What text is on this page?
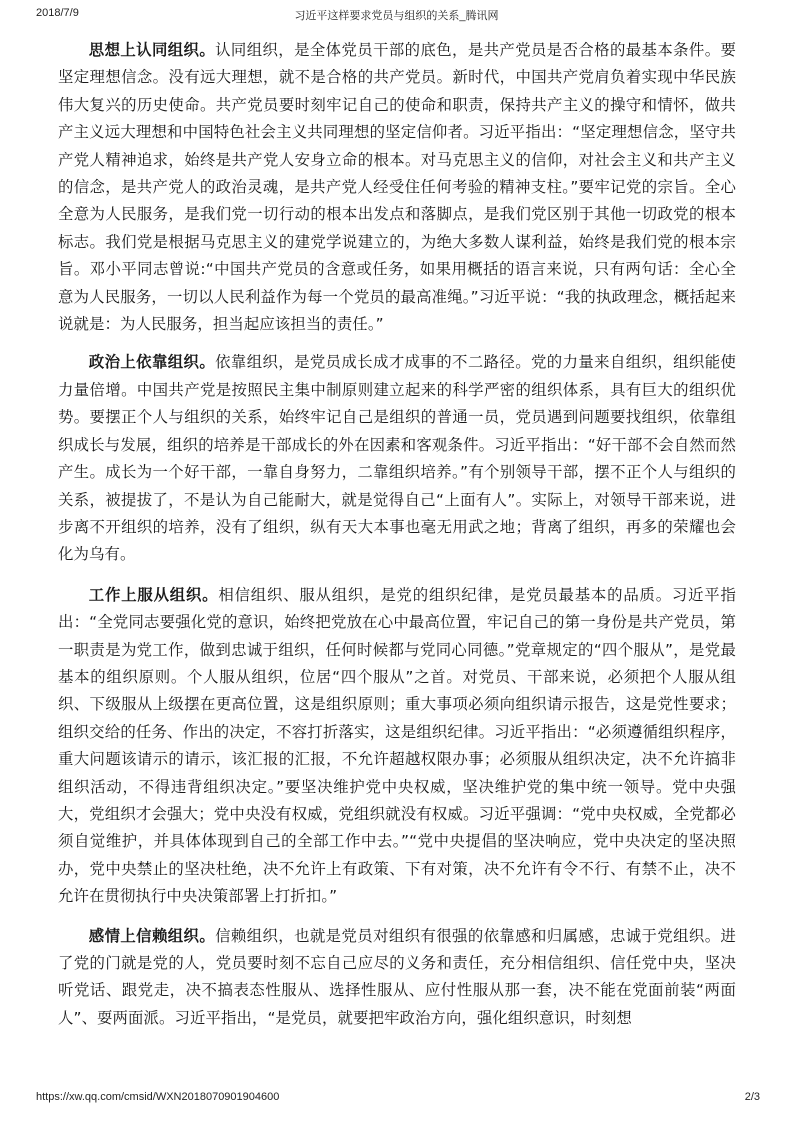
2018/7/9	习近平这样要求党员与组织的关系_腾讯网

思想上认同组织。认同组织，是全体党员干部的底色，是共产党员是否合格的最基本条件。要坚定理想信念。没有远大理想，就不是合格的共产党员。新时代，中国共产党肩负着实现中华民族伟大复兴的历史使命。共产党员要时刻牢记自己的使命和职责，保持共产主义的操守和情怀，做共产主义远大理想和中国特色社会主义共同理想的坚定信仰者。习近平指出：“坚定理想信念，坚守共产党人精神追求，始终是共产党人安身立命的根本。对马克思主义的信仰，对社会主义和共产主义的信念，是共产党人的政治灵魂，是共产党人经受住任何考验的精神支柱。”要牢记党的宗旨。全心全意为人民服务，是我们党一切行动的根本出发点和落脚点，是我们党区别于其他一切政党的根本标志。我们党是根据马克思主义的建党学说建立的，为绝大多数人谋利益，始终是我们党的根本宗旨。邓小平同志曾说:“中国共产党员的含意或任务，如果用概括的语言来说，只有两句话：全心全意为人民服务，一切以人民利益作为每一个党员的最高准绳。”习近平说：“我的执政理念，概括起来说就是：为人民服务，担当起应该担当的责任。”

政治上依靠组织。依靠组织，是党员成长成才成事的不二路径。党的力量来自组织，组织能使力量倍增。中国共产党是按照民主集中制原则建立起来的科学严密的组织体系，具有巨大的组织优势。要摆正个人与组织的关系，始终牢记自己是组织的普通一员，党员遇到问题要找组织，依靠组织成长与发展，组织的培养是干部成长的外在因素和客观条件。习近平指出：“好干部不会自然而然产生。成长为一个好干部，一靠自身努力，二靠组织培养。”有个别领导干部，摆不正个人与组织的关系，被提拔了，不是认为自己能耐大，就是觉得自己“上面有人”。实际上，对领导干部来说，进步离不开组织的培养，没有了组织，纵有天大本事也毫无用武之地；背离了组织，再多的荣耀也会化为乌有。

工作上服从组织。相信组织、服从组织，是党的组织纪律，是党员最基本的品质。习近平指出：“全党同志要强化党的意识，始终把党放在心中最高位置，牢记自己的第一身份是共产党员，第一职责是为党工作，做到忠诚于组织，任何时候都与党同心同德。”党章规定的“四个服从”，是党最基本的组织原则。个人服从组织，位居“四个服从”之首。对党员、干部来说，必须把个人服从组织、下级服从上级摆在更高位置，这是组织原则；重大事项必须向组织请示报告，这是党性要求；组织交给的任务、作出的决定，不容打折落实，这是组织纪律。习近平指出：“必须遵循组织程序，重大问题该请示的请示，该汇报的汇报，不允许超越权限办事；必须服从组织决定，决不允许搞非组织活动，不得违背组织决定。”要坚决维护党中央权威，坚决维护党的集中统一领导。党中央强大，党组织才会强大；党中央没有权威，党组织就没有权威。习近平强调：“党中央权威，全党都必须自觉维护，并具体体现到自己的全部工作中去。”“党中央提倡的坚决响应，党中央决定的坚决照办，党中央禁止的坚决杜绝，决不允许上有政策、下有对策，决不允许有令不行、有禁不止，决不允许在贯彻执行中央决策部署上打折扣。”

感情上信赖组织。信赖组织，也就是党员对组织有很强的依靠感和归属感，忠诚于党组织。进了党的门就是党的人，党员要时刻不忘自己应尽的义务和责任，充分相信组织、信任党中央，坚决听党话、跟党走，决不搞表态性服从、选择性服从、应付性服从那一套，决不能在党面前装“两面人”、耍两面派。习近平指出，“是党员，就要把牢政治方向，强化组织意识，时刻想

https://xw.qq.com/cmsid/WXN2018070901904600	2/3
